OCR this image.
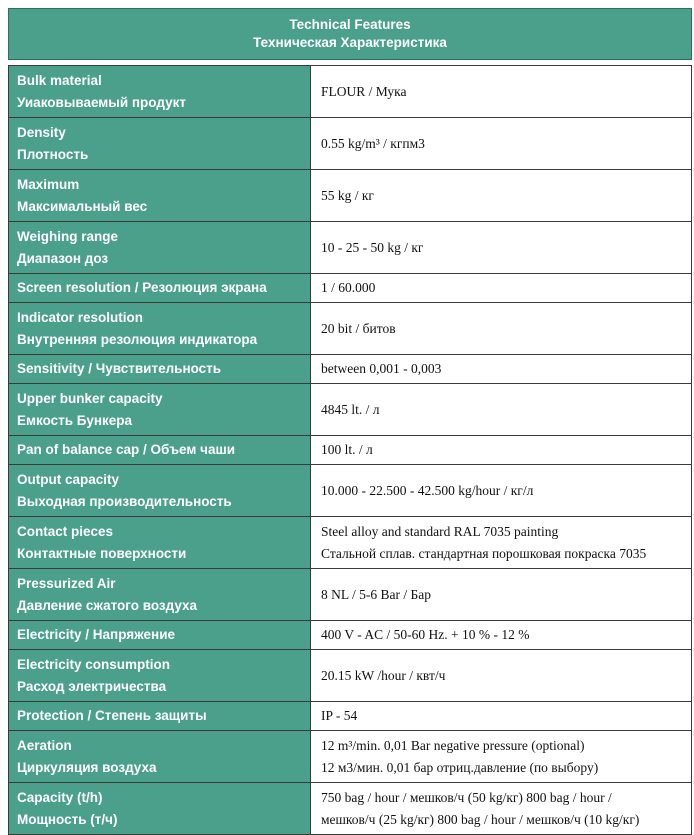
Technical Features
Техническая Характеристика
Bulk material
Уиаковываемый продукт	FLOUR / Мука

Density
Плотность	0.55 kg/m³ / кгпм3

Maximum
Максимальный вес	55 kg / кг

Weighing range
Диапазон доз	10 - 25 - 50 kg / кг

Screen resolution / Резолюция экрана	1 / 60.000

Indicator resolution
Внутренняя резолюция индикатора	20 bit / битов

Sensitivity / Чувствительность	between 0,001 - 0,003

Upper bunker capacity
Емкость Бункера	4845 lt. / л

Pan of balance cap / Объем чаши	100 lt. / л

Output capacity
Выходная производительность	10.000 - 22.500 - 42.500 kg/hour / кг/л

Contact pieces
Контактные поверхности	Steel alloy and standard RAL 7035 painting
Стальной сплав. стандартная порошковая покраска 7035

Pressurized Air
Давление сжатого воздуха	8 NL / 5-6 Bar / Бар

Electricity / Напряжение	400 V - AC / 50-60 Hz. + 10 % - 12 %

Electricity consumption
Расход электричества	20.15 kW /hour / квт/ч

Protection / Степень защиты	IP - 54

Aeration
Циркуляция воздуха	12 m³/min. 0,01 Bar negative pressure (optional)
12 м3/мин. 0,01 бар отриц.давление (по выбору)

Capacity (t/h)
Мощность (т/ч)	750 bag / hour / мешков/ч (50 kg/кг) 800 bag / hour /
мешков/ч (25 kg/кг) 800 bag / hour / мешков/ч (10 kg/кг)
